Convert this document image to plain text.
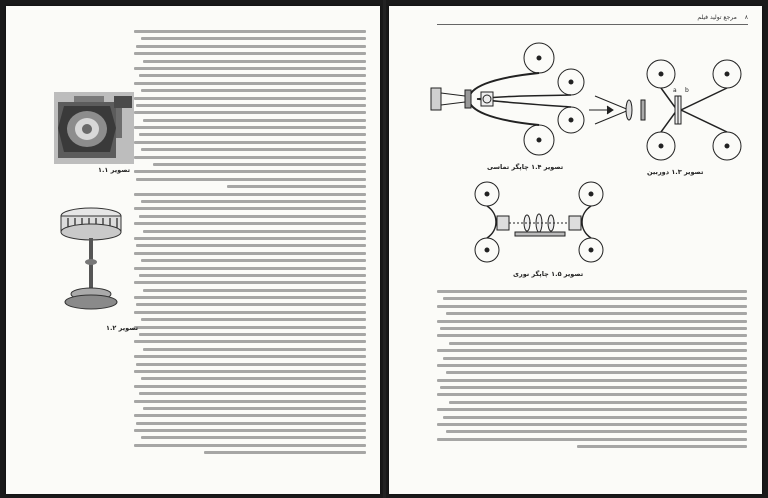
تصویر ۱.۱
تصویر ۱.۲
۸ مرجع تولید فیلم
تصویر ۱.۴ چاپگر تماسی
a b
تصویر ۱.۳ دوربین
تصویر ۱.۵ چاپگر نوری
